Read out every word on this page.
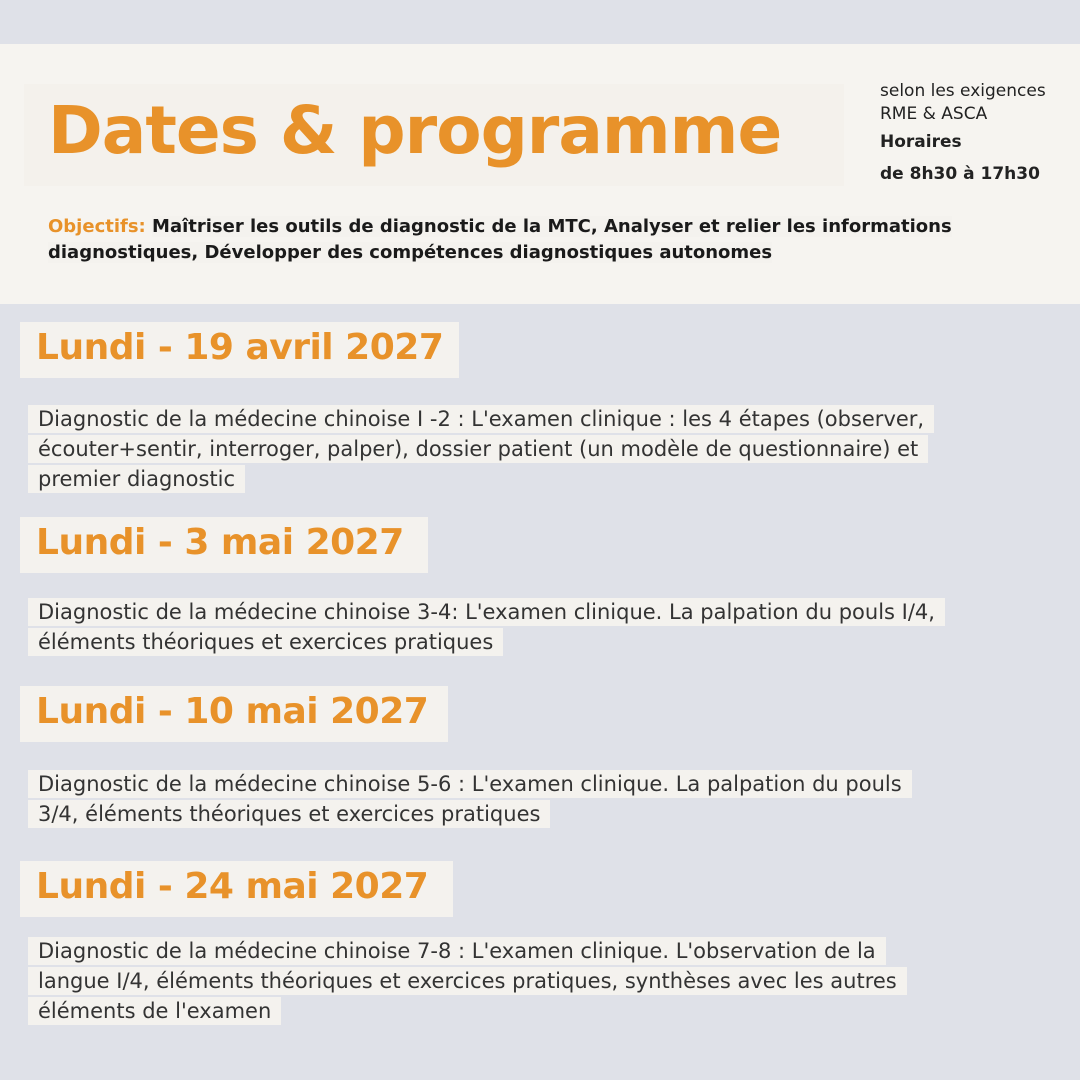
Dates & programme
selon les exigences
RME & ASCA
Horaires
de 8h30 à 17h30
Objectifs: Maîtriser les outils de diagnostic de la MTC, Analyser et relier les informations diagnostiques, Développer des compétences diagnostiques autonomes
Lundi - 19 avril 2027
Diagnostic de la médecine chinoise I -2 : L'examen clinique : les 4 étapes (observer, écouter+sentir, interroger, palper), dossier patient (un modèle de questionnaire) et premier diagnostic
Lundi - 3 mai 2027
Diagnostic de la médecine chinoise 3-4: L'examen clinique. La palpation du pouls I/4, éléments théoriques et exercices pratiques
Lundi - 10 mai 2027
Diagnostic de la médecine chinoise 5-6 : L'examen clinique. La palpation du pouls 3/4, éléments théoriques et exercices pratiques
Lundi - 24 mai 2027
Diagnostic de la médecine chinoise 7-8 : L'examen clinique. L'observation de la langue I/4, éléments théoriques et exercices pratiques, synthèses avec les autres éléments de l'examen
